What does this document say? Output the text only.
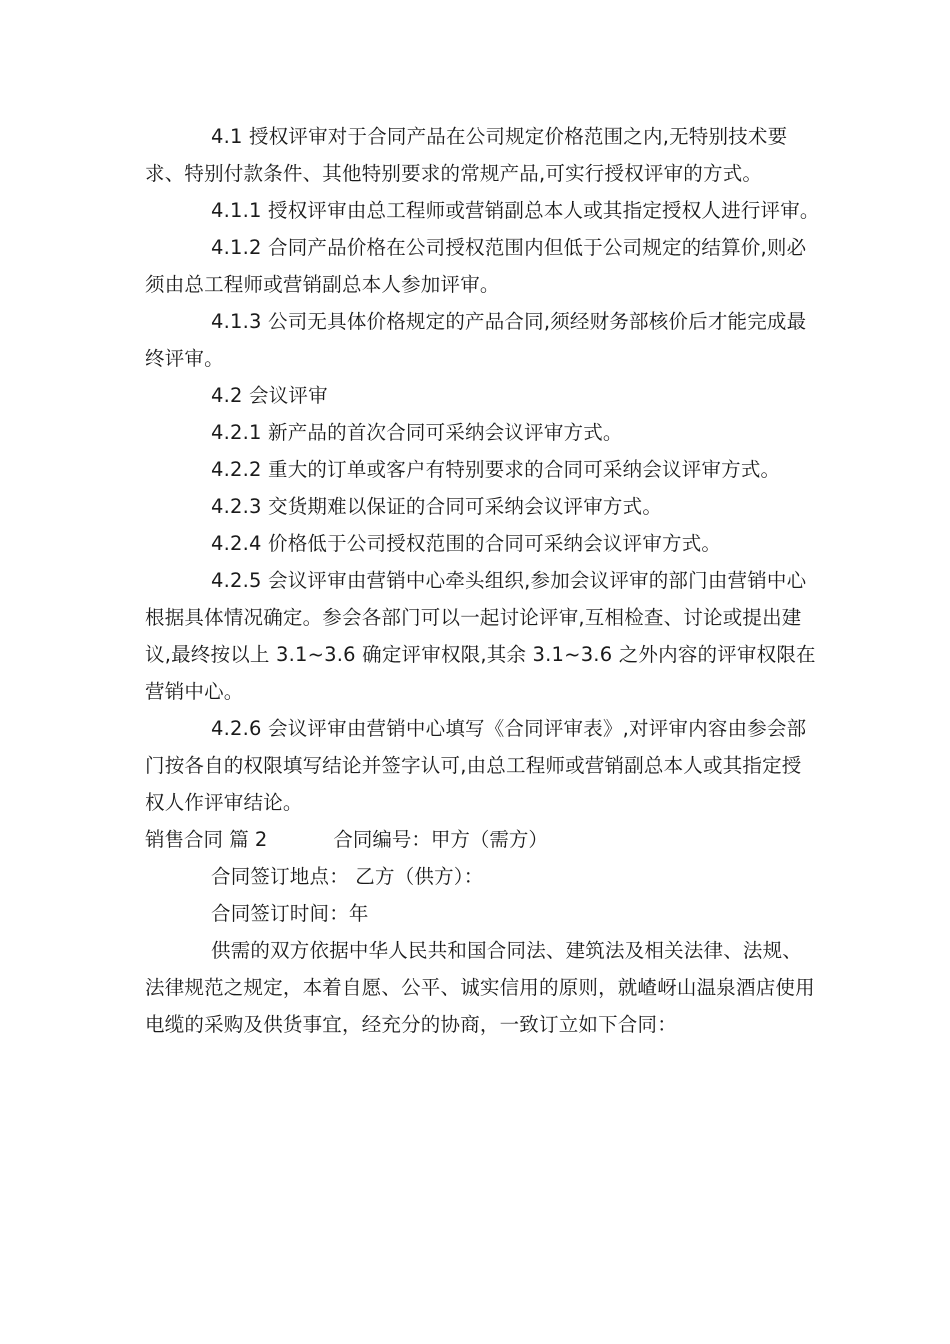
4.1 授权评审对于合同产品在公司规定价格范围之内,无特别技术要求、特别付款条件、其他特别要求的常规产品,可实行授权评审的方式。

4.1.1 授权评审由总工程师或营销副总本人或其指定授权人进行评审。

4.1.2 合同产品价格在公司授权范围内但低于公司规定的结算价,则必须由总工程师或营销副总本人参加评审。

4.1.3 公司无具体价格规定的产品合同,须经财务部核价后才能完成最终评审。

4.2 会议评审

4.2.1 新产品的首次合同可采纳会议评审方式。

4.2.2 重大的订单或客户有特别要求的合同可采纳会议评审方式。

4.2.3 交货期难以保证的合同可采纳会议评审方式。

4.2.4 价格低于公司授权范围的合同可采纳会议评审方式。

4.2.5 会议评审由营销中心牵头组织,参加会议评审的部门由营销中心根据具体情况确定。参会各部门可以一起讨论评审,互相检查、讨论或提出建议,最终按以上 3.1~3.6 确定评审权限,其余 3.1~3.6 之外内容的评审权限在营销中心。

4.2.6 会议评审由营销中心填写《合同评审表》,对评审内容由参会部门按各自的权限填写结论并签字认可,由总工程师或营销副总本人或其指定授权人作评审结论。

销售合同 篇 2	合同编号：甲方（需方）

合同签订地点： 乙方（供方）：

合同签订时间：年

供需的双方依据中华人民共和国合同法、建筑法及相关法律、法规、法律规范之规定，本着自愿、公平、诚实信用的原则，就嵖岈山温泉酒店使用电缆的采购及供货事宜，经充分的协商，一致订立如下合同：
